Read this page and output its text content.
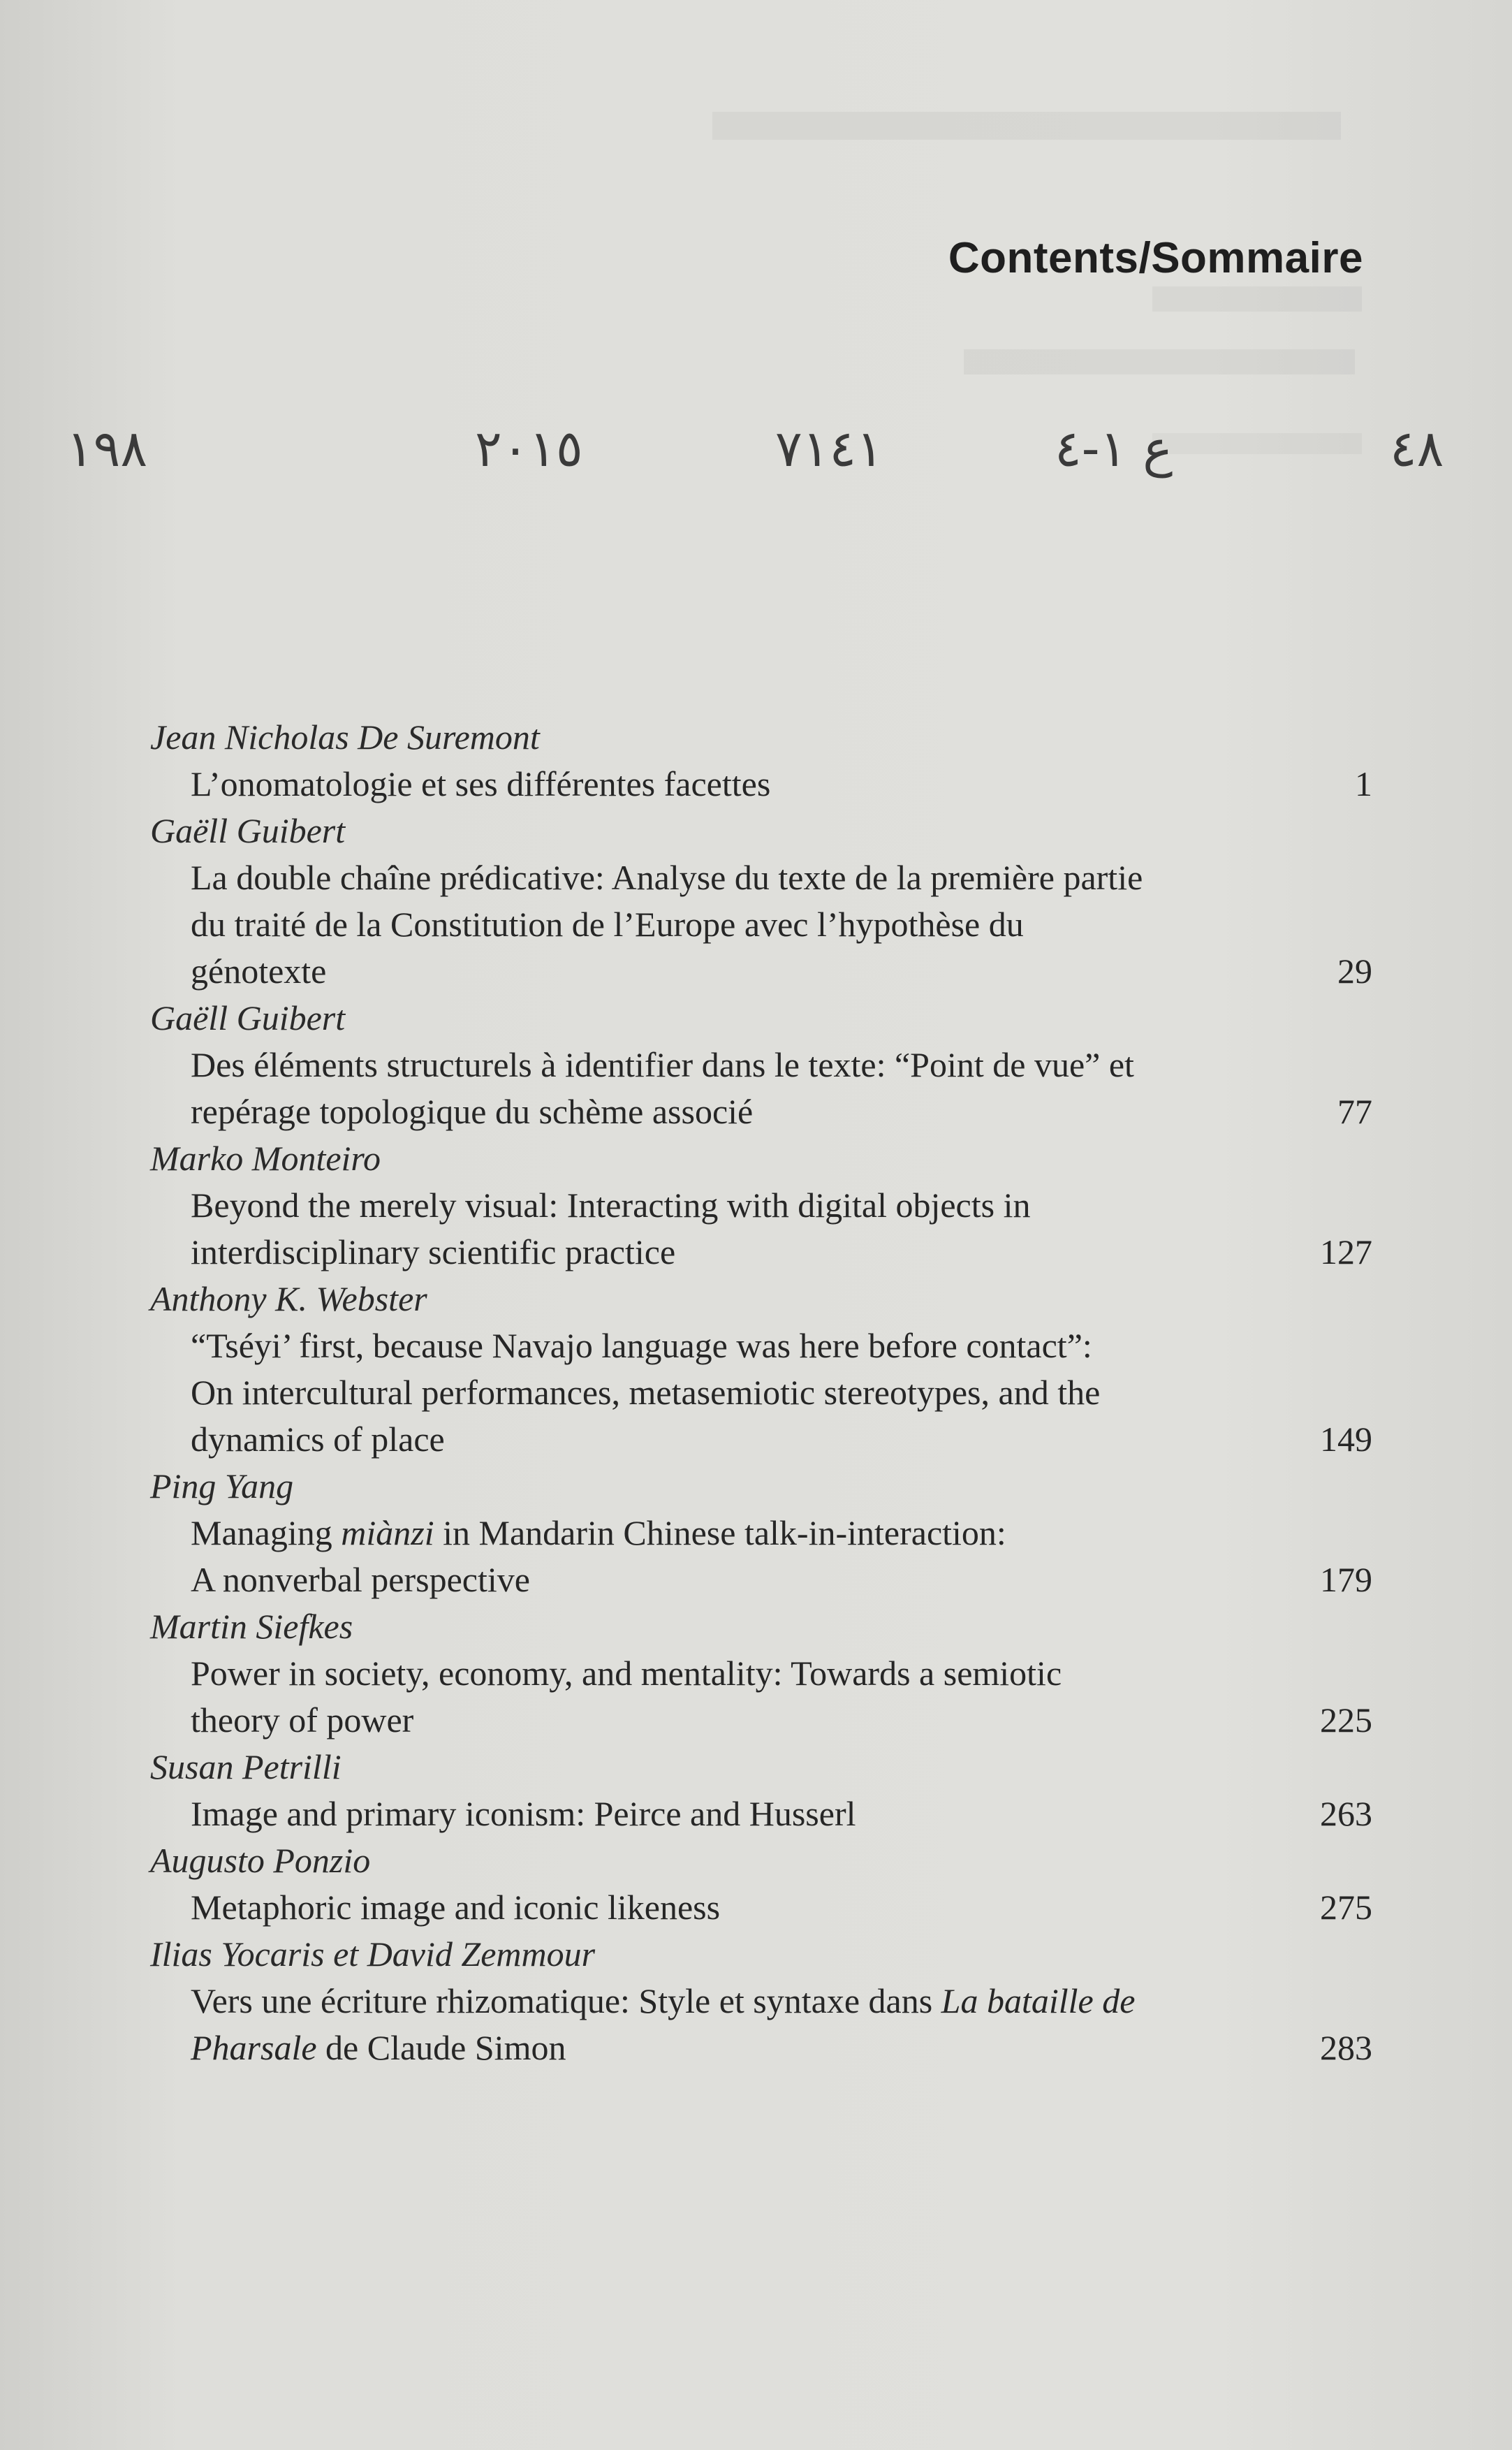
Contents/Sommaire
١٩٨	٢٠١٥	٧١٤١	ع ١-٤	٤٨
Jean Nicholas De Suremont
L’onomatologie et ses différentes facettes	1
Gaëll Guibert
La double chaîne prédicative: Analyse du texte de la première partie
du traité de la Constitution de l’Europe avec l’hypothèse du
génotexte	29
Gaëll Guibert
Des éléments structurels à identifier dans le texte: “Point de vue” et
repérage topologique du schème associé	77
Marko Monteiro
Beyond the merely visual: Interacting with digital objects in
interdisciplinary scientific practice	127
Anthony K. Webster
“Tséyi’ first, because Navajo language was here before contact”:
On intercultural performances, metasemiotic stereotypes, and the
dynamics of place	149
Ping Yang
Managing miànzi in Mandarin Chinese talk-in-interaction:
A nonverbal perspective	179
Martin Siefkes
Power in society, economy, and mentality: Towards a semiotic
theory of power	225
Susan Petrilli
Image and primary iconism: Peirce and Husserl	263
Augusto Ponzio
Metaphoric image and iconic likeness	275
Ilias Yocaris et David Zemmour
Vers une écriture rhizomatique: Style et syntaxe dans La bataille de
Pharsale de Claude Simon	283
